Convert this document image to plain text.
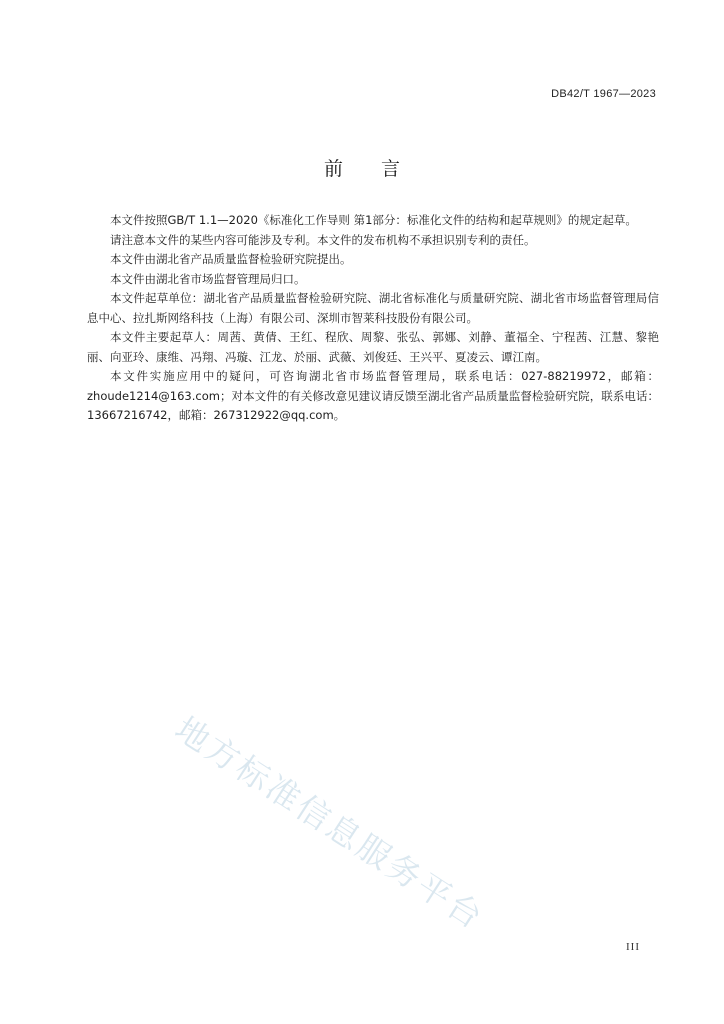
DB42/T 1967—2023
前 言

本文件按照GB/T 1.1—2020《标准化工作导则 第1部分：标准化文件的结构和起草规则》的规定起草。

请注意本文件的某些内容可能涉及专利。本文件的发布机构不承担识别专利的责任。

本文件由湖北省产品质量监督检验研究院提出。

本文件由湖北省市场监督管理局归口。

本文件起草单位：湖北省产品质量监督检验研究院、湖北省标准化与质量研究院、湖北省市场监督管理局信息中心、拉扎斯网络科技（上海）有限公司、深圳市智莱科技股份有限公司。

本文件主要起草人：周茜、黄倩、王红、程欣、周黎、张弘、郭娜、刘静、董福全、宁程茜、江慧、黎艳丽、向亚玲、康维、冯翔、冯璇、江龙、於丽、武薇、刘俊廷、王兴平、夏凌云、谭江南。

本文件实施应用中的疑问，可咨询湖北省市场监督管理局，联系电话：027-88219972，邮箱：zhoude1214@163.com；对本文件的有关修改意见建议请反馈至湖北省产品质量监督检验研究院，联系电话：13667216742，邮箱：267312922@qq.com。

地方标准信息服务平台
III
